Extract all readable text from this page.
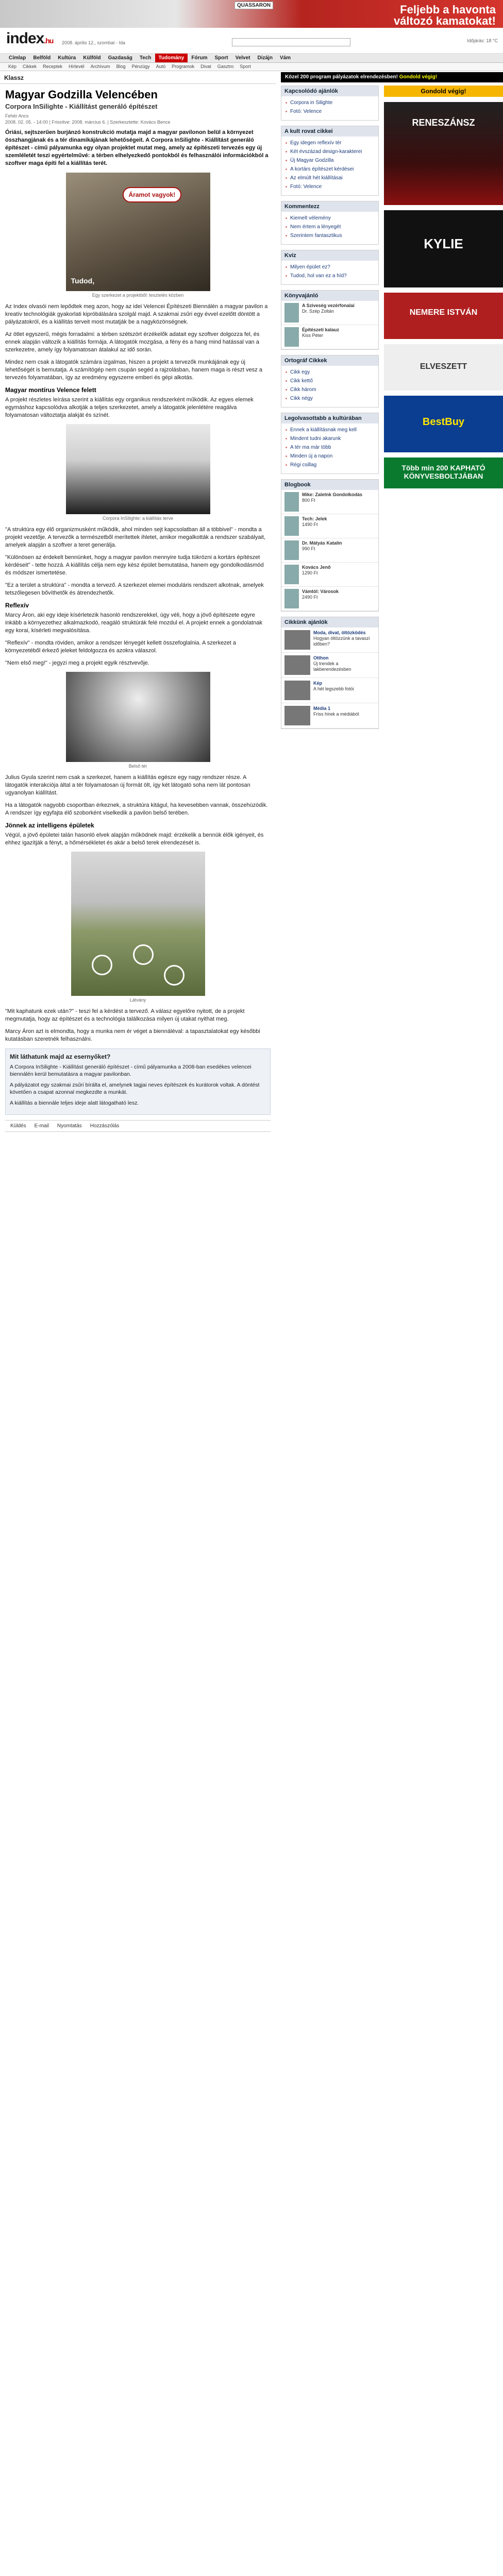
QUASSARON	Feljebb a havonta
változó kamatokat!
index.hu 2008. április 12., szombat - Ida	Időjárás: 18 °C
Címlap	Belföld	Kultúra	Külföld	Gazdaság	Tech	Tudomány	Fórum	Sport	Velvet	Dizájn	Vám
Kép	Cikkek	Receptek	Hírlevél	Archívum	Blog	Pénzügy	Autó	Programok	Divat	Gasztro	Sport
Klassz
Magyar Godzilla Velencében
Corpora InSilighte - Kiállítást generáló építészet
Fehér Ancs
2008. 02. 05. - 14:00 | Frissítve: 2008. március 6. | Szerkesztette: Kovács Bence
Óriási, sejtszerűen burjánzó konstrukció mutatja majd a magyar pavilonon belül a környezet összhangjának és a tér dinamikájának lehetőségeit. A Corpora InSilighte - Kiállítást generáló építészet - című pályamunka egy olyan projektet mutat meg, amely az építészeti tervezés egy új szemléletét teszi egyértelművé: a térben elhelyezkedő pontokból és felhasználói információkból a szoftver maga építi fel a kiállítás terét.
Áramot vagyok!
Tudod,
Egy szerkezet a projektből: tesztelés közben

Az Index olvasói nem lepődtek meg azon, hogy az idei Velencei Építészeti Biennálén a magyar pavilon a kreatív technológiák gyakorlati kipróbálására szolgál majd. A szakmai zsűri egy évvel ezelőtt döntött a pályázatokról, és a kiállítás terveit most mutatják be a nagyközönségnek.

Az ötlet egyszerű, mégis forradalmi: a térben szétszórt érzékelők adatait egy szoftver dolgozza fel, és ennek alapján változik a kiállítás formája. A látogatók mozgása, a fény és a hang mind hatással van a szerkezetre, amely így folyamatosan átalakul az idő során.

Mindez nem csak a látogatók számára izgalmas, hiszen a projekt a tervezők munkájának egy új lehetőségét is bemutatja. A számítógép nem csupán segéd a rajzolásban, hanem maga is részt vesz a tervezés folyamatában, így az eredmény egyszerre emberi és gépi alkotás.

Magyar montírus Velence felett

A projekt részletes leírása szerint a kiállítás egy organikus rendszerként működik. Az egyes elemek egymáshoz kapcsolódva alkotják a teljes szerkezetet, amely a látogatók jelenlétére reagálva folyamatosan változtatja alakját és színét.

Corpora InSilighte: a kiállítás terve

"A struktúra egy élő organizmusként működik, ahol minden sejt kapcsolatban áll a többivel" - mondta a projekt vezetője. A tervezők a természetből merítettek ihletet, amikor megalkották a rendszer szabályait, amelyek alapján a szoftver a teret generálja.

"Különösen az érdekelt bennünket, hogy a magyar pavilon mennyire tudja tükrözni a kortárs építészet kérdéseit" - tette hozzá. A kiállítás célja nem egy kész épület bemutatása, hanem egy gondolkodásmód és módszer ismertetése.

"Ez a terület a struktúra" - mondta a tervező. A szerkezet elemei moduláris rendszert alkotnak, amelyek tetszőlegesen bővíthetők és átrendezhetők.

Reflexív

Marcy Áron, aki egy ideje kísérletezik hasonló rendszerekkel, úgy véli, hogy a jövő építészete egyre inkább a környezethez alkalmazkodó, reagáló struktúrák felé mozdul el. A projekt ennek a gondolatnak egy korai, kísérleti megvalósítása.

"Reflexív" - mondta röviden, amikor a rendszer lényegét kellett összefoglalnia. A szerkezet a környezetéből érkező jeleket feldolgozza és azokra válaszol.

"Nem első meg!" - jegyzi meg a projekt egyik résztvevője.

Belső tér

Julius Gyula szerint nem csak a szerkezet, hanem a kiállítás egésze egy nagy rendszer része. A látogatók interakciója által a tér folyamatosan új formát ölt, így két látogató soha nem lát pontosan ugyanolyan kiállítást.

Ha a látogatók nagyobb csoportban érkeznek, a struktúra kitágul, ha kevesebben vannak, összehúzódik. A rendszer így egyfajta élő szoborként viselkedik a pavilon belső terében.

Jönnek az intelligens épületek

Végül, a jövő épületei talán hasonló elvek alapján működnek majd: érzékelik a bennük élők igényeit, és ehhez igazítják a fényt, a hőmérsékletet és akár a belső terek elrendezését is.

Látvány

"Mit kaphatunk ezek után?" - teszi fel a kérdést a tervező. A válasz egyelőre nyitott, de a projekt megmutatja, hogy az építészet és a technológia találkozása milyen új utakat nyithat meg.

Marcy Áron azt is elmondta, hogy a munka nem ér véget a biennáléval: a tapasztalatokat egy későbbi kutatásban szeretnék felhasználni.

Mit láthatunk majd az esernyőket?

A Corpora InSilighte - Kiállítást generáló építészet - című pályamunka a 2008-ban esedékes velencei biennálén kerül bemutatásra a magyar pavilonban.

A pályázatot egy szakmai zsűri bírálta el, amelynek tagjai neves építészek és kurátorok voltak. A döntést követően a csapat azonnal megkezdte a munkát.

A kiállítás a biennále teljes ideje alatt látogatható lesz.

Küldés E-mail Nyomtatás Hozzászólás
Közel 200 program pályázatok elrendezésben! Gondold végig!
Kapcsolódó ajánlók
▪ Corpora in Silighte
▪ Fotó: Velence
A kult rovat cikkei
▪ Egy idegen reflexív tér
▪ Két évszázad design-karakterei
▪ Új Magyar Godzilla
▪ A kortárs építészet kérdései
▪ Az elmúlt hét kiállításai
▪ Fotó: Velence
Kommentezz
▪ Kiemelt vélemény
▪ Nem értem a lényegét
▪ Szerintem fantasztikus
Kvíz
▪ Milyen épület ez?
▪ Tudod, hol van ez a híd?
Könyvajánló
A Sziveség vezérfonalai
Dr. Szép Zoltán
Építészeti kalauz
Kiss Péter
Ortográf Cikkek
▪ Cikk egy
▪ Cikk kettő
▪ Cikk három
▪ Cikk négy
Legolvasottabb a kultúrában
▪ Ennek a kiállításnak meg kell
▪ Mindent tudni akarunk
▪ A tér ma már több
▪ Minden új a napon
▪ Régi csillag
Blogbook
Mike: Zaletnk Gondolkodás
800 Ft
Tech: Jelek
1490 Ft
Dr. Mátyás Katalin
990 Ft
Kovács Jenő
1290 Ft
Vámtól: Városok
2490 Ft
Cikkünk ajánlók
Moda, divat, öltözködés
Hogyan öltözzünk a tavaszi időben?
Otthon
Új trendek a lakberendezésben
Kép
A hét legszebb fotói
Média 1
Friss hírek a médiából
Gondold végig!
RENESZÁNSZ
KYLIE
NEMERE ISTVÁN
ELVESZETT
BestBuy
Több min 200 KAPHATÓ KÖNYVESBOLTJÁBAN
